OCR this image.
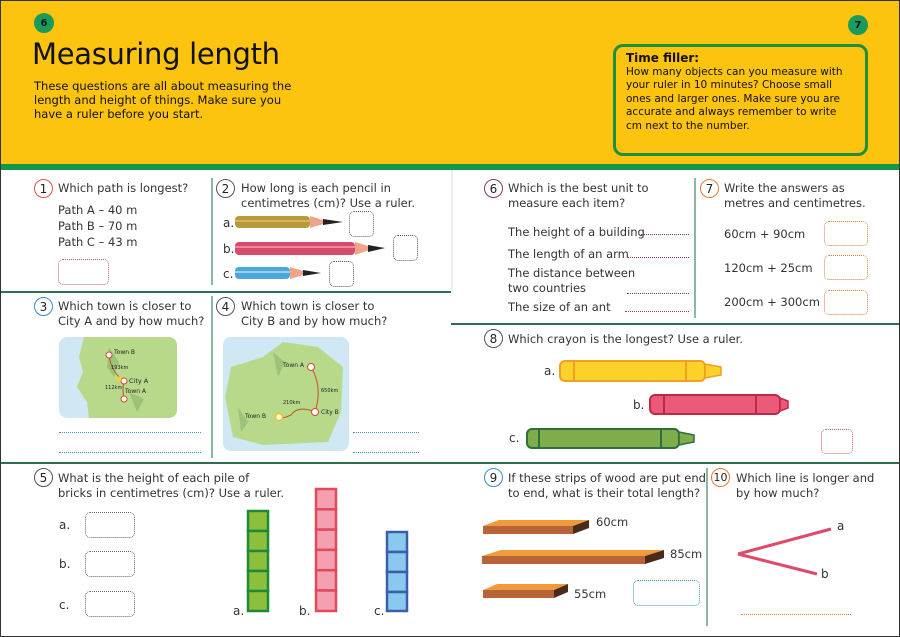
6	7
Measuring length
These questions are all about measuring the length and height of things. Make sure you have a ruler before you start.
Time filler:
How many objects can you measure with your ruler in 10 minutes? Choose small ones and larger ones. Make sure you are accurate and always remember to write cm next to the number.
1 Which path is longest?
Path A – 40 m
Path B – 70 m
Path C – 43 m
2	How long is each pencil in
centimetres (cm)? Use a ruler.
a.
b.
c.
3 Which town is closer to
City A and by how much?
Town B
193km
City A
112km Town A
4	Which town is closer to
City B and by how much?
Town A
650km
210km
Town B
City B
5 What is the height of each pile of
bricks in centimetres (cm)? Use a ruler.
a.
b.
c.	a.	b.	c.
6 Which is the best unit to
measure each item?
The height of a building
The length of an arm
The distance between
two countries
The size of an ant
7 Write the answers as
metres and centimetres.
60cm + 90cm
120cm + 25cm
200cm + 300cm
8 Which crayon is the longest? Use a ruler.
a.
b.
c.
9 If these strips of wood are put end
to end, what is their total length?
60cm
85cm
55cm
10 Which line is longer and
by how much?
a
b
